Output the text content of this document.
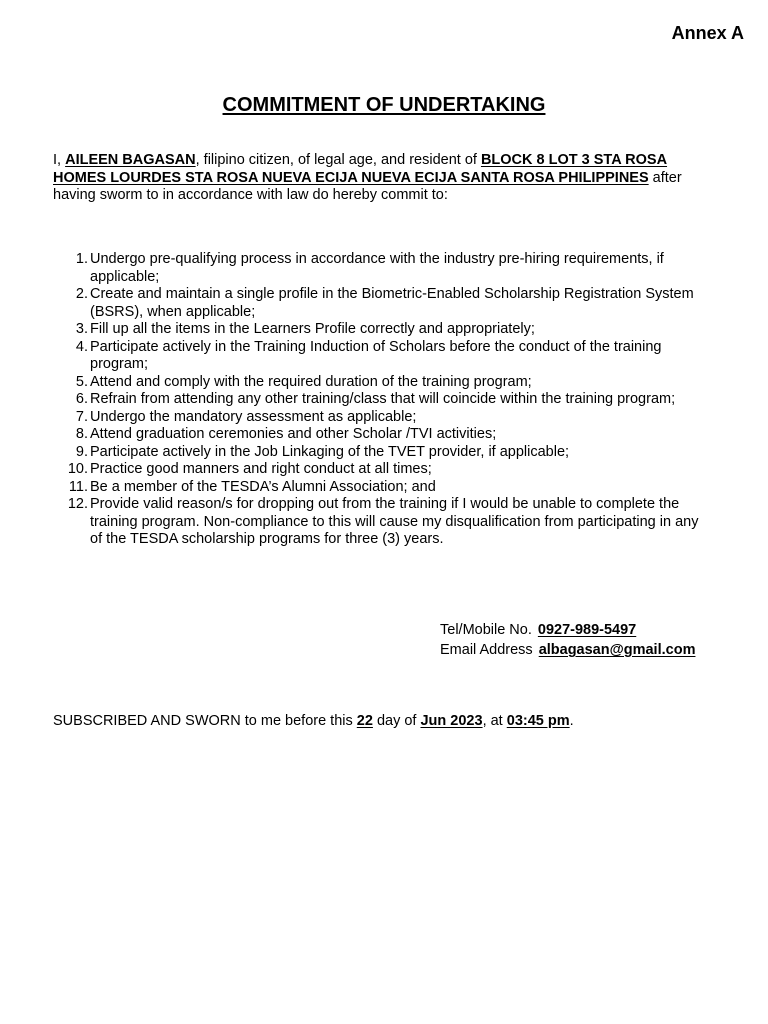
Annex A
COMMITMENT OF UNDERTAKING
I, AILEEN BAGASAN, filipino citizen, of legal age, and resident of BLOCK 8 LOT 3 STA ROSA HOMES LOURDES STA ROSA NUEVA ECIJA NUEVA ECIJA SANTA ROSA PHILIPPINES after having sworm to in accordance with law do hereby commit to:
1. Undergo pre-qualifying process in accordance with the industry pre-hiring requirements, if applicable;
2. Create and maintain a single profile in the Biometric-Enabled Scholarship Registration System (BSRS), when applicable;
3. Fill up all the items in the Learners Profile correctly and appropriately;
4. Participate actively in the Training Induction of Scholars before the conduct of the training program;
5. Attend and comply with the required duration of the training program;
6. Refrain from attending any other training/class that will coincide within the training program;
7. Undergo the mandatory assessment as applicable;
8. Attend graduation ceremonies and other Scholar /TVI activities;
9. Participate actively in the Job Linkaging of the TVET provider, if applicable;
10. Practice good manners and right conduct at all times;
11. Be a member of the TESDA’s Alumni Association; and
12. Provide valid reason/s for dropping out from the training if I would be unable to complete the training program. Non-compliance to this will cause my disqualification from participating in any of the TESDA scholarship programs for three (3) years.
Tel/Mobile No. 0927-989-5497
Email Address albagasan@gmail.com
SUBSCRIBED AND SWORN to me before this 22 day of Jun 2023, at 03:45 pm.
